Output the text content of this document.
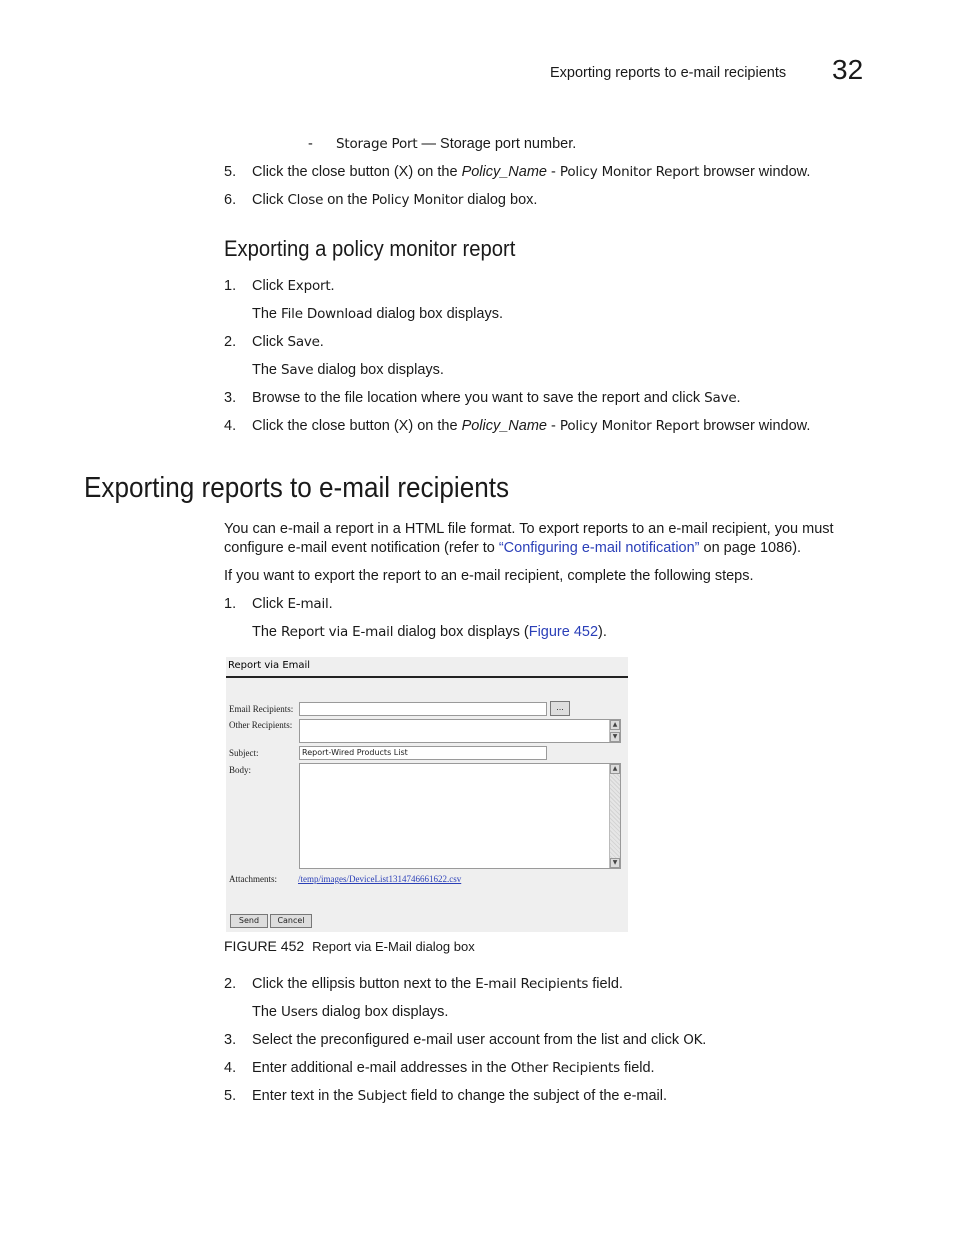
Exporting reports to e-mail recipients 32
- Storage Port — Storage port number.
5.	Click the close button (X) on the Policy_Name - Policy Monitor Report browser window.
6.	Click Close on the Policy Monitor dialog box.
Exporting a policy monitor report
1.	Click Export.
The File Download dialog box displays.
2.	Click Save.
The Save dialog box displays.
3.	Browse to the file location where you want to save the report and click Save.
4.	Click the close button (X) on the Policy_Name - Policy Monitor Report browser window.
Exporting reports to e-mail recipients
You can e-mail a report in a HTML file format. To export reports to an e-mail recipient, you must
configure e-mail event notification (refer to “Configuring e-mail notification” on page 1086).
If you want to export the report to an e-mail recipient, complete the following steps.
1.	Click E-mail.
The Report via E-mail dialog box displays (Figure 452).
Report via Email
Email Recipients:	...
Other Recipients:	▲
▼
Subject:	Report-Wired Products List
Body:	▲
▼
Attachments: /temp/images/DeviceList1314746661622.csv
Send	Cancel
FIGURE 452 Report via E-Mail dialog box
2.	Click the ellipsis button next to the E-mail Recipients field.
The Users dialog box displays.
3.	Select the preconfigured e-mail user account from the list and click OK.
4.	Enter additional e-mail addresses in the Other Recipients field.
5.	Enter text in the Subject field to change the subject of the e-mail.
